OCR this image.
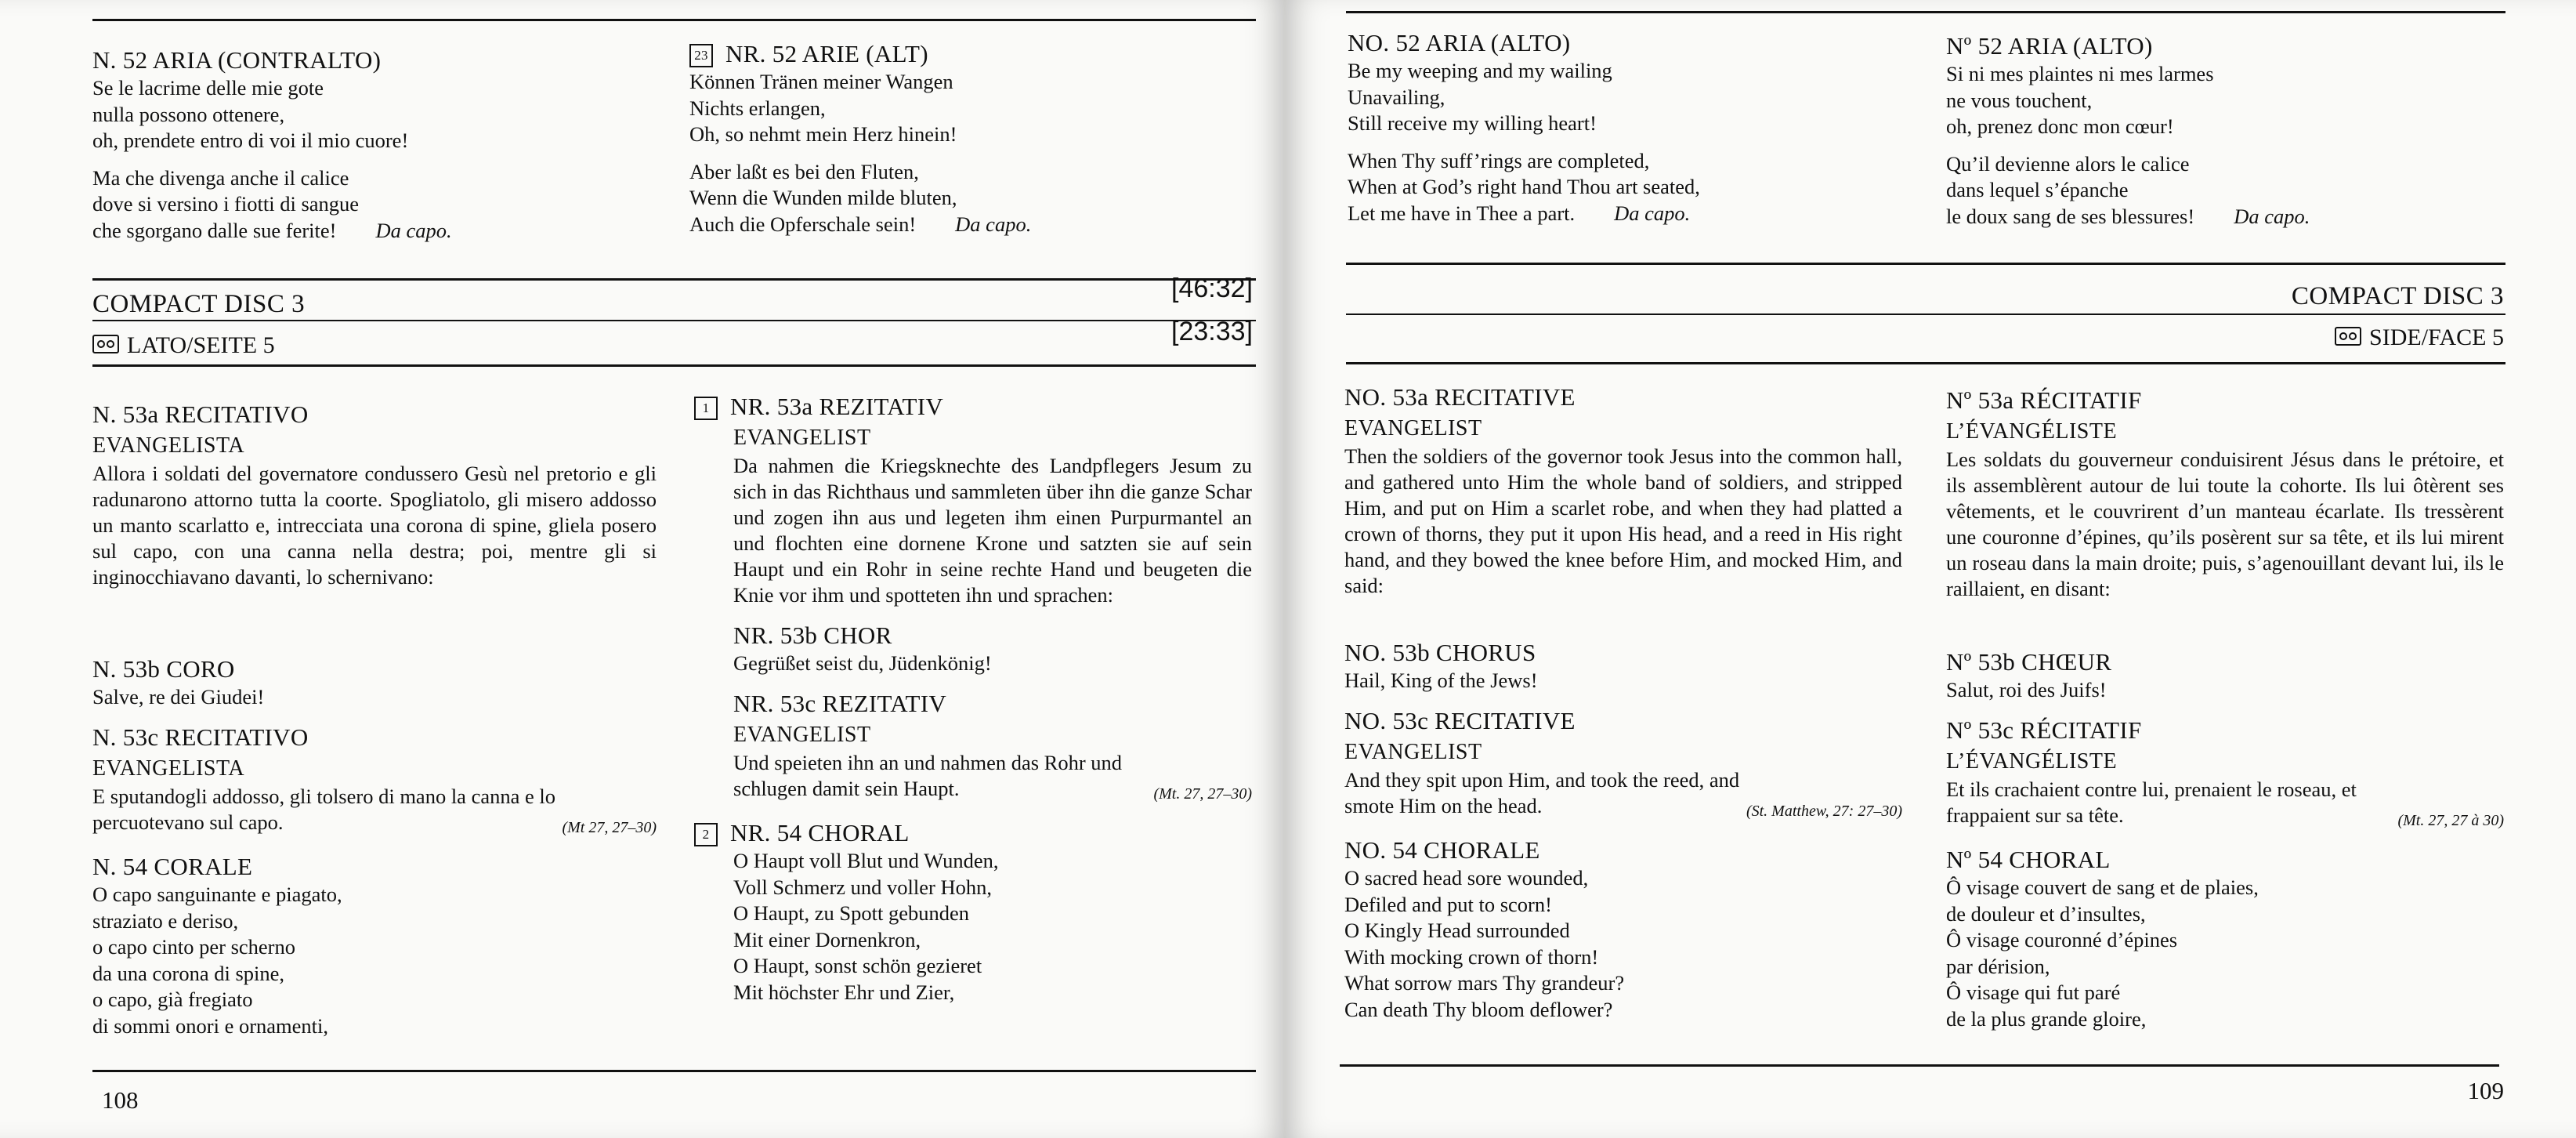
N. 52 ARIA (CONTRALTO)
Se le lacrime delle mie gote
nulla possono ottenere,
oh, prendete entro di voi il mio cuore!
Ma che divenga anche il calice
dove si versino i fiotti di sangue
che sgorgano dalle sue ferite! Da capo.
23 NR. 52 ARIE (ALT)
Können Tränen meiner Wangen
Nichts erlangen,
Oh, so nehmt mein Herz hinein!
Aber laßt es bei den Fluten,
Wenn die Wunden milde bluten,
Auch die Opferschale sein! Da capo.
COMPACT DISC 3
[46:32]
LATO/SEITE 5	[23:33]
N. 53a RECITATIVO
EVANGELISTA

Allora i soldati del governatore condussero Gesù nel pretorio e gli radunarono attorno tutta la coorte. Spogliatolo, gli misero addosso un manto scarlatto e, intrecciata una corona di spine, gliela posero sul capo, con una canna nella destra; poi, mentre gli si inginocchiavano davanti, lo schernivano:

N. 53b CORO

Salve, re dei Giudei!

N. 53c RECITATIVO
EVANGELISTA
(Mt 27, 27–30)
E sputandogli addosso, gli tolsero di mano la canna e lo percuotevano sul capo.
N. 54 CORALE
O capo sanguinante e piagato,
straziato e deriso,
o capo cinto per scherno
da una corona di spine,
o capo, già fregiato
di sommi onori e ornamenti,
1 NR. 53a REZITATIV
EVANGELIST

Da nahmen die Kriegsknechte des Landpflegers Jesum zu sich in das Richthaus und sammleten über ihn die ganze Schar und zogen ihn aus und legeten ihm einen Purpurmantel an und flochten eine dornene Krone und satzten sie auf sein Haupt und ein Rohr in seine rechte Hand und beugeten die Knie vor ihm und spotteten ihn und sprachen:

NR. 53b CHOR

Gegrüßet seist du, Jüdenkönig!

NR. 53c REZITATIV
EVANGELIST
(Mt. 27, 27–30)
Und speieten ihn an und nahmen das Rohr und schlugen damit sein Haupt.
2 NR. 54 CHORAL
O Haupt voll Blut und Wunden,
Voll Schmerz und voller Hohn,
O Haupt, zu Spott gebunden
Mit einer Dornenkron,
O Haupt, sonst schön gezieret
Mit höchster Ehr und Zier,
108
NO. 52 ARIA (ALTO)
Be my weeping and my wailing
Unavailing,
Still receive my willing heart!
When Thy suff’rings are completed,
When at God’s right hand Thou art seated,
Let me have in Thee a part. Da capo.
Nº 52 ARIA (ALTO)
Si ni mes plaintes ni mes larmes
ne vous touchent,
oh, prenez donc mon cœur!
Qu’il devienne alors le calice
dans lequel s’épanche
le doux sang de ses blessures! Da capo.
COMPACT DISC 3
SIDE/FACE 5
NO. 53a RECITATIVE
EVANGELIST

Then the soldiers of the governor took Jesus into the common hall, and gathered unto Him the whole band of soldiers, and stripped Him, and put on Him a scarlet robe, and when they had platted a crown of thorns, they put it upon His head, and a reed in His right hand, and they bowed the knee before Him, and mocked Him, and said:

NO. 53b CHORUS

Hail, King of the Jews!

NO. 53c RECITATIVE
EVANGELIST
(St. Matthew, 27: 27–30)
And they spit upon Him, and took the reed, and smote Him on the head.
NO. 54 CHORALE
O sacred head sore wounded,
Defiled and put to scorn!
O Kingly Head surrounded
With mocking crown of thorn!
What sorrow mars Thy grandeur?
Can death Thy bloom deflower?
Nº 53a RÉCITATIF
L’ÉVANGÉLISTE

Les soldats du gouverneur conduisirent Jésus dans le prétoire, et ils assemblèrent autour de lui toute la cohorte. Ils lui ôtèrent ses vêtements, et le couvrirent d’un manteau écarlate. Ils tressèrent une couronne d’épines, qu’ils posèrent sur sa tête, et ils lui mirent un roseau dans la main droite; puis, s’agenouillant devant lui, ils le raillaient, en disant:

Nº 53b CHŒUR

Salut, roi des Juifs!

Nº 53c RÉCITATIF
L’ÉVANGÉLISTE
(Mt. 27, 27 à 30)
Et ils crachaient contre lui, prenaient le roseau, et frappaient sur sa tête.
Nº 54 CHORAL
Ô visage couvert de sang et de plaies,
de douleur et d’insultes,
Ô visage couronné d’épines
par dérision,
Ô visage qui fut paré
de la plus grande gloire,
109
